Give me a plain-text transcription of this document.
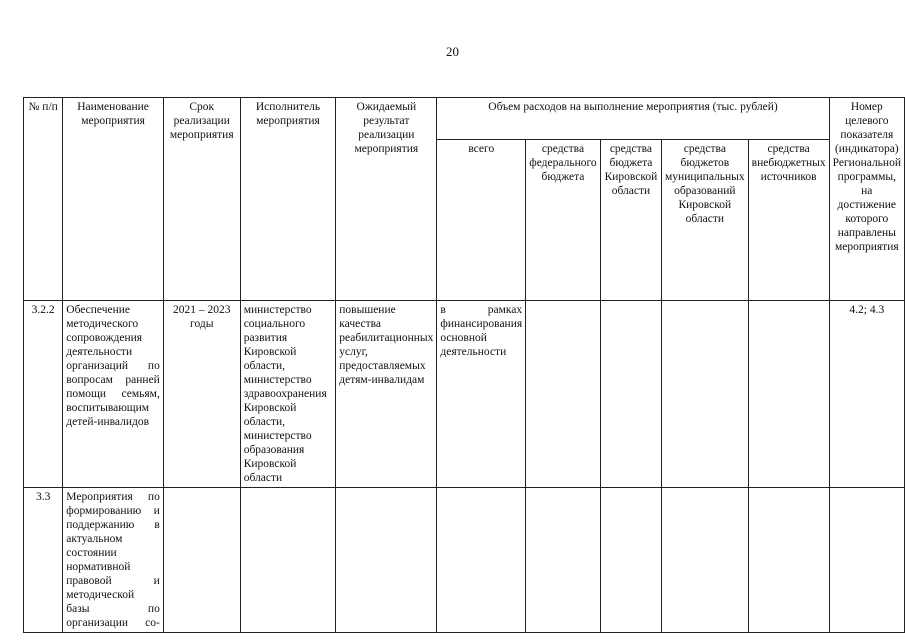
20
№ п/п	Наименование мероприятия	Срок реализации мероприятия	Исполнитель мероприятия	Ожидаемый результат реализации мероприятия	Объем расходов на выполнение мероприятия (тыс. рублей)					Номер целевого показателя (индикатора) Региональной программы, на достижение которого направлены мероприятия
					всего	средства федерального бюджета	средства бюджета Кировской области	средства бюджетов муниципальных образований Кировской области	средства внебюджетных источников	
3.2.2	Обеспечение методического сопровождения деятельности организаций по вопросам ранней помощи семьям, воспитывающим детей-инвалидов	2021 – 2023 годы	министерство социального развития Кировской области, министерство здравоохранения Кировской области, министерство образования Кировской области	повышение качества реабилитационных услуг, предоставляемых детям-инвалидам	в рамках финансирования основной деятельности					4.2; 4.3
3.3	Мероприятия по формированию и поддержанию в актуальном состоянии нормативной правовой и методической базы по организации со-									
